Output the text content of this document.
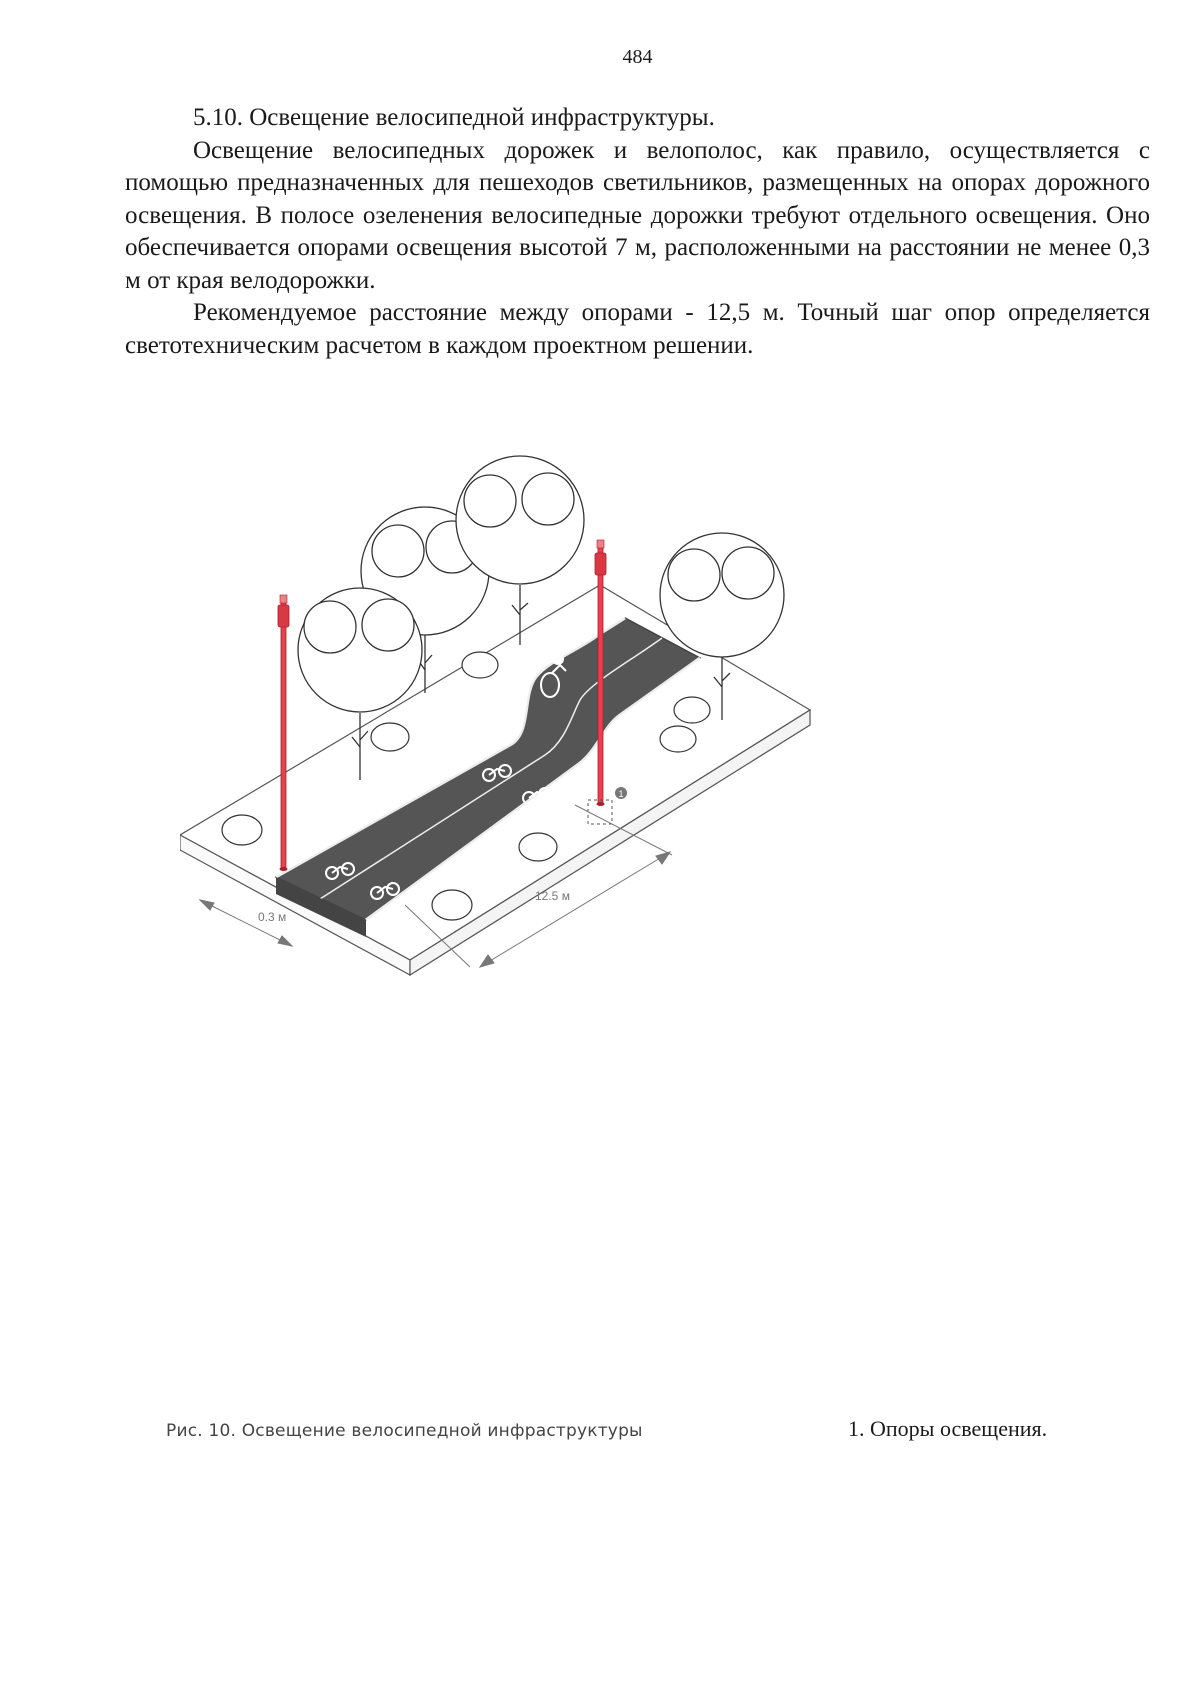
484

5.10. Освещение велосипедной инфраструктуры.

Освещение велосипедных дорожек и велополос, как правило, осуществляется с помощью предназначенных для пешеходов светильников, размещенных на опорах дорожного освещения. В полосе озеленения велосипедные дорожки требуют отдельного освещения. Оно обеспечивается опорами освещения высотой 7 м, расположенными на расстоянии не менее 0,3 м от края велодорожки.

Рекомендуемое расстояние между опорами - 12,5 м. Точный шаг опор определяется светотехническим расчетом в каждом проектном решении.

1
0.3 м
12.5 м
Рис. 10. Освещение велосипедной инфраструктуры	1. Опоры освещения.
